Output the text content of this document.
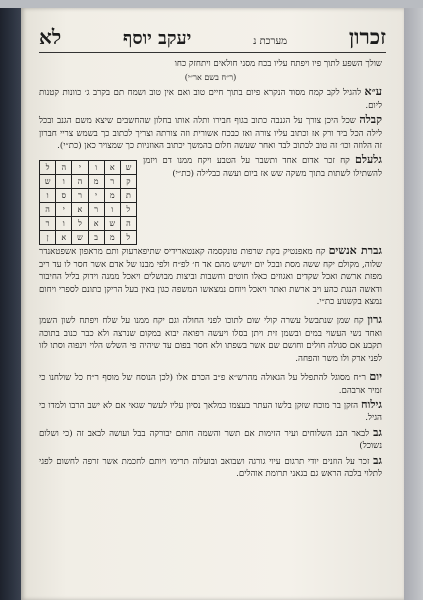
זכרון
מערכת נ
יעקב יוסף
לא

שולך השפע לתוך פיו ויפתח עליו בכח מסני חולאים ויתחזק כחו

(ר״ח בשם אר״י)

ע״א להגיל לקב קמח מסוד הנקרא פיום בתוך חיים טוב ואם אין טוב ושמח תם בקרב ג׳ כוונות קטנות ליום.

קבלה שכל היכן צורך על הגנבה כתוב בגוף חבירו ותלה אותו בחלון שהחשבים שיצא משם הגנב ובכל לילה הכל ביד ורק אז וכתוב עליו צורה ואז כבכח אשורית וזה צורתה וצריך לכתוב כך בשמש צריי חברון זה הלוזה וכו׳ זה טוב לכתוב לבד ואחר שעשה חלום בהמשך יכתוב האוזניות כך שמצויר כאן (כת״י).

גלעלם קח זכר אדום אחד ותשבר על הטבע ויקח ממנו דם ויזמן להשתילו לשתות בתוך משקה שש אז ביום ועשה כבלילה (כת״י)

ש	א	ו	י	ה	ל
ק	ר	מ	ה	ו	ש
ת	מ	י	ר	ס	ו
ל	ו	ר	א	י	ה
ה	ש	א	ל	ו	ר
ל	מ	ב	ש	א	ן

גברת אנשים קח מאפנטיק בקת שרפות טונקסמה קאנטארידיס שתיפארעוק ותם מראפון אשפטאנדר שלוה, מקולם יקח ששה מסת ובכל יום יושיש מהם אד ח׳ לפ״ח ולפי מבנו של אדם אשר חסר לו עד ריב מפזת ארשת ואכל שקדים ואגוזים כאלו חוטים וחשבות וביצות מבושלים ויאכל ממנה וידוק בליל החיבור ודאשה הנגת כהע ויב ארשת ואתר ויאכל ויוחם נמצאשו המשפה כגון באין בעל הריקן כתונם לספרי ויחום נמצא בקשנוע כת״י.

גרון קח שמן שנתבשל עשרה קולי שום לתוכו לפני החולה וגם יקח ממנו על שלח ויפתח לשון השמן ואחד נשי העשוי במים ובשמן זית ויתן בסלו ויעשה רפואה יבוא במקום שנרצה ולא כבר כנוב בתוכה תקבע אם סגולה חולים וחושם שם אשר בשפתו ולא חסר בפום עד שיהיה פי השלש הלוי וינפוה וסתו לזו לפני ארק ולו משר והפחה.

יום ר״ח מסוגל להתפלל על הגאולה מהרש״א פ״ב הכרם אלו (לכן הנוסח של מוסף ר״ח כל שולחנו כי זמיר ארבהם.

גילוח הזקן בר מוכח שזקן בלשו העתר בעצמו כמלאך נסיון עליו לעשר שגאי אם לא ישב הרבו ולמדו כי הגיל.

גב לבאר הבנ השלוחים ועיר הזימות אם תשר והשמה חותם יבורקה בבל ועושה לבאב זה (כי ושלום נשוכל)

גב זכר על הוזנים יודי תרגום עיוי גורגה ושבואב ובועלוה תרימו ויותם לחכמת אשר זרפה לחשום לפגי לתלוי בלכה הראש גם בגאני תרומת אוהלים.
